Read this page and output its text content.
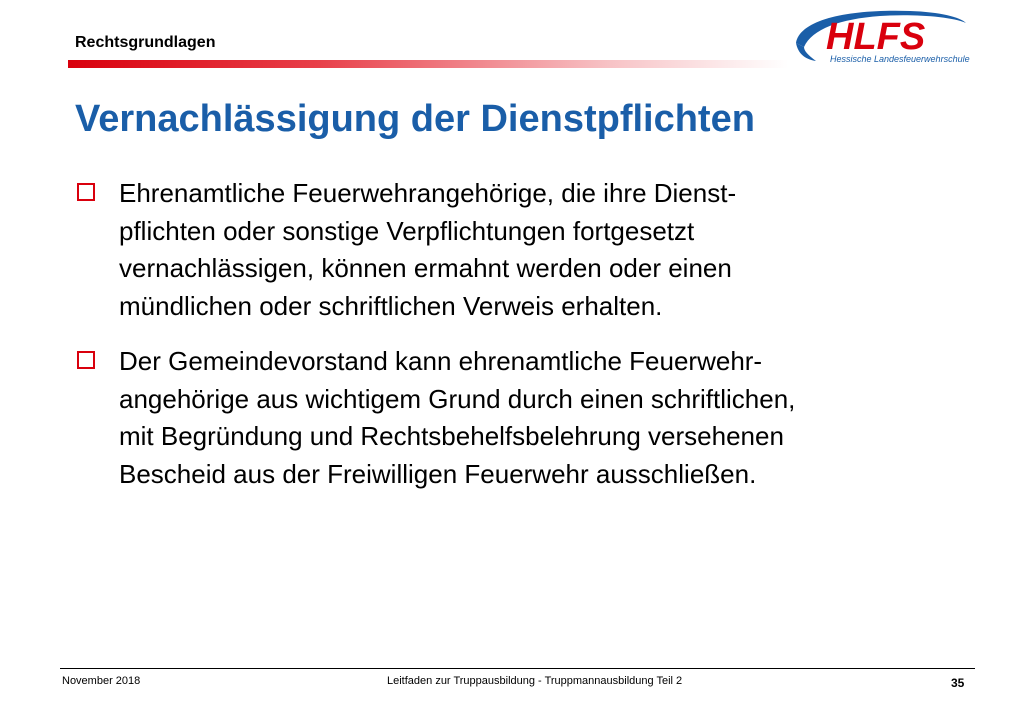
Rechtsgrundlagen	HLFS
Hessische Landesfeuerwehrschule
Vernachlässigung der Dienstpflichten
Ehrenamtliche Feuerwehrangehörige, die ihre Dienst-
pflichten oder sonstige Verpflichtungen fortgesetzt
vernachlässigen, können ermahnt werden oder einen
mündlichen oder schriftlichen Verweis erhalten.
Der Gemeindevorstand kann ehrenamtliche Feuerwehr-
angehörige aus wichtigem Grund durch einen schriftlichen,
mit Begründung und Rechtsbehelfsbelehrung versehenen
Bescheid aus der Freiwilligen Feuerwehr ausschließen.
November 2018	Leitfaden zur Truppausbildung - Truppmannausbildung Teil 2	35
